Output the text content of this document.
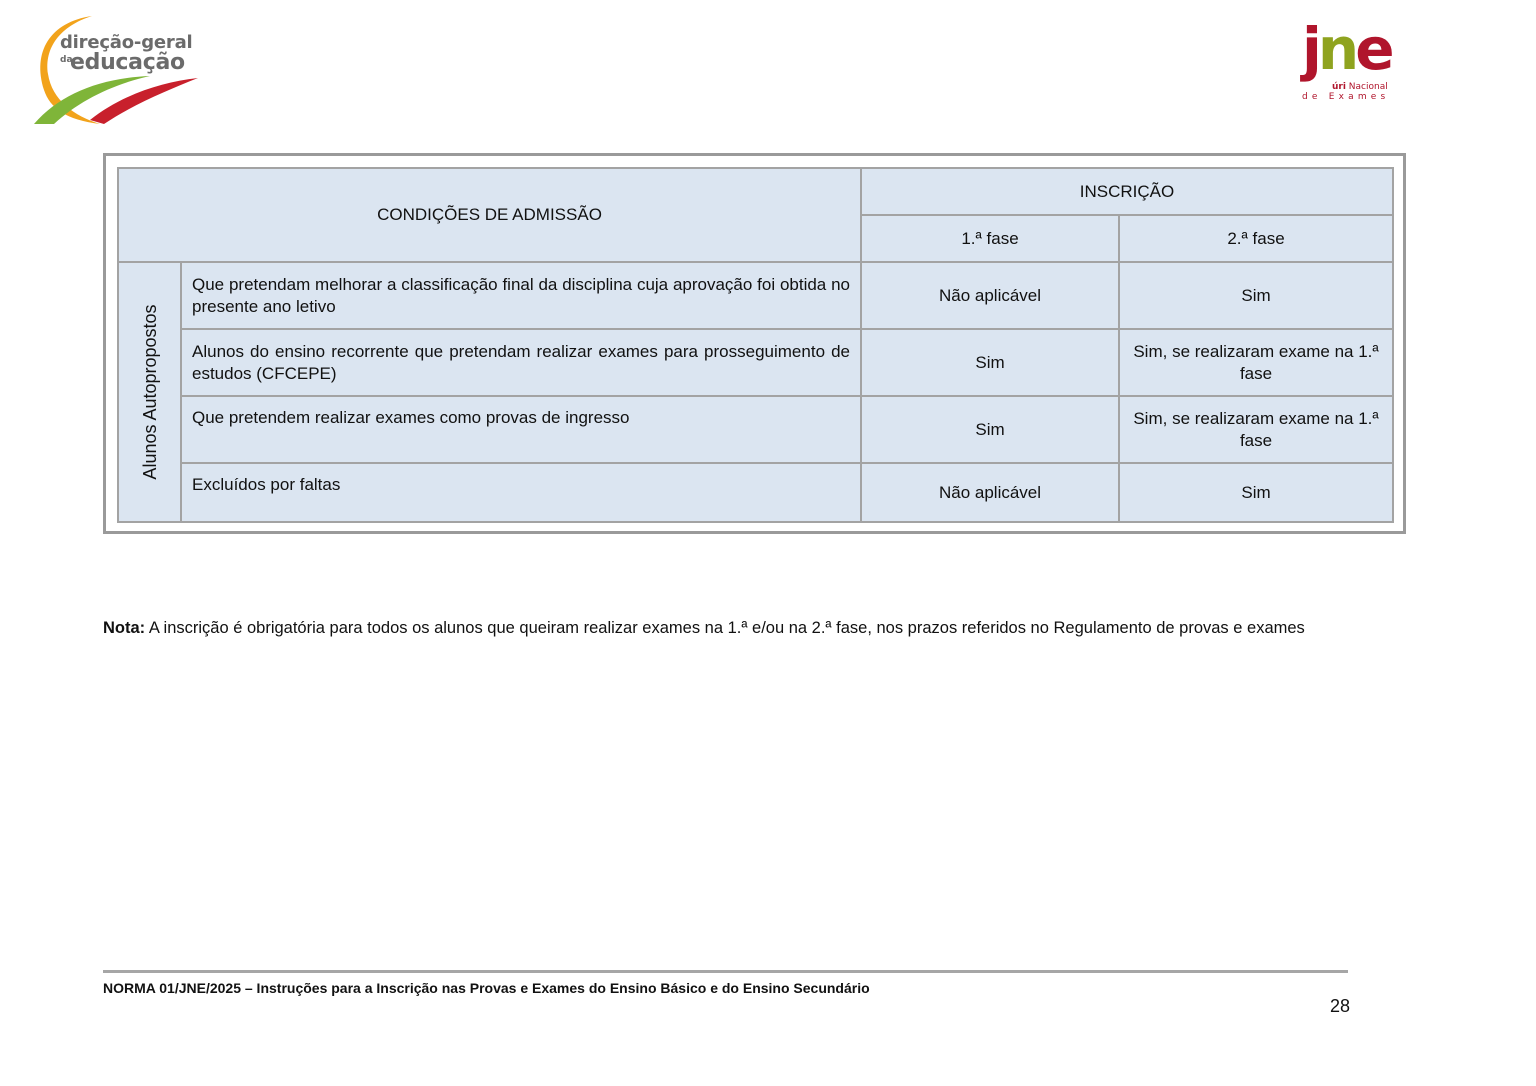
direção-geral
da
educação	jne
úri Nacional
de Exames
CONDIÇÕES DE ADMISSÃO		INSCRIÇÃO	
		1.ª fase	2.ª fase

Alunos Autopropostos	Que pretendam melhorar a classificação final da disciplina cuja aprovação foi obtida no presente ano letivo	Não aplicável	Sim
	Alunos do ensino recorrente que pretendam realizar exames para prosseguimento de estudos (CFCEPE)	Sim	Sim, se realizaram exame na 1.ª fase
	Que pretendem realizar exames como provas de ingresso	Sim	Sim, se realizaram exame na 1.ª fase
	Excluídos por faltas	Não aplicável	Sim
Nota: A inscrição é obrigatória para todos os alunos que queiram realizar exames na 1.ª e/ou na 2.ª fase, nos prazos referidos no Regulamento de provas e exames
NORMA 01/JNE/2025 – Instruções para a Inscrição nas Provas e Exames do Ensino Básico e do Ensino Secundário
28
